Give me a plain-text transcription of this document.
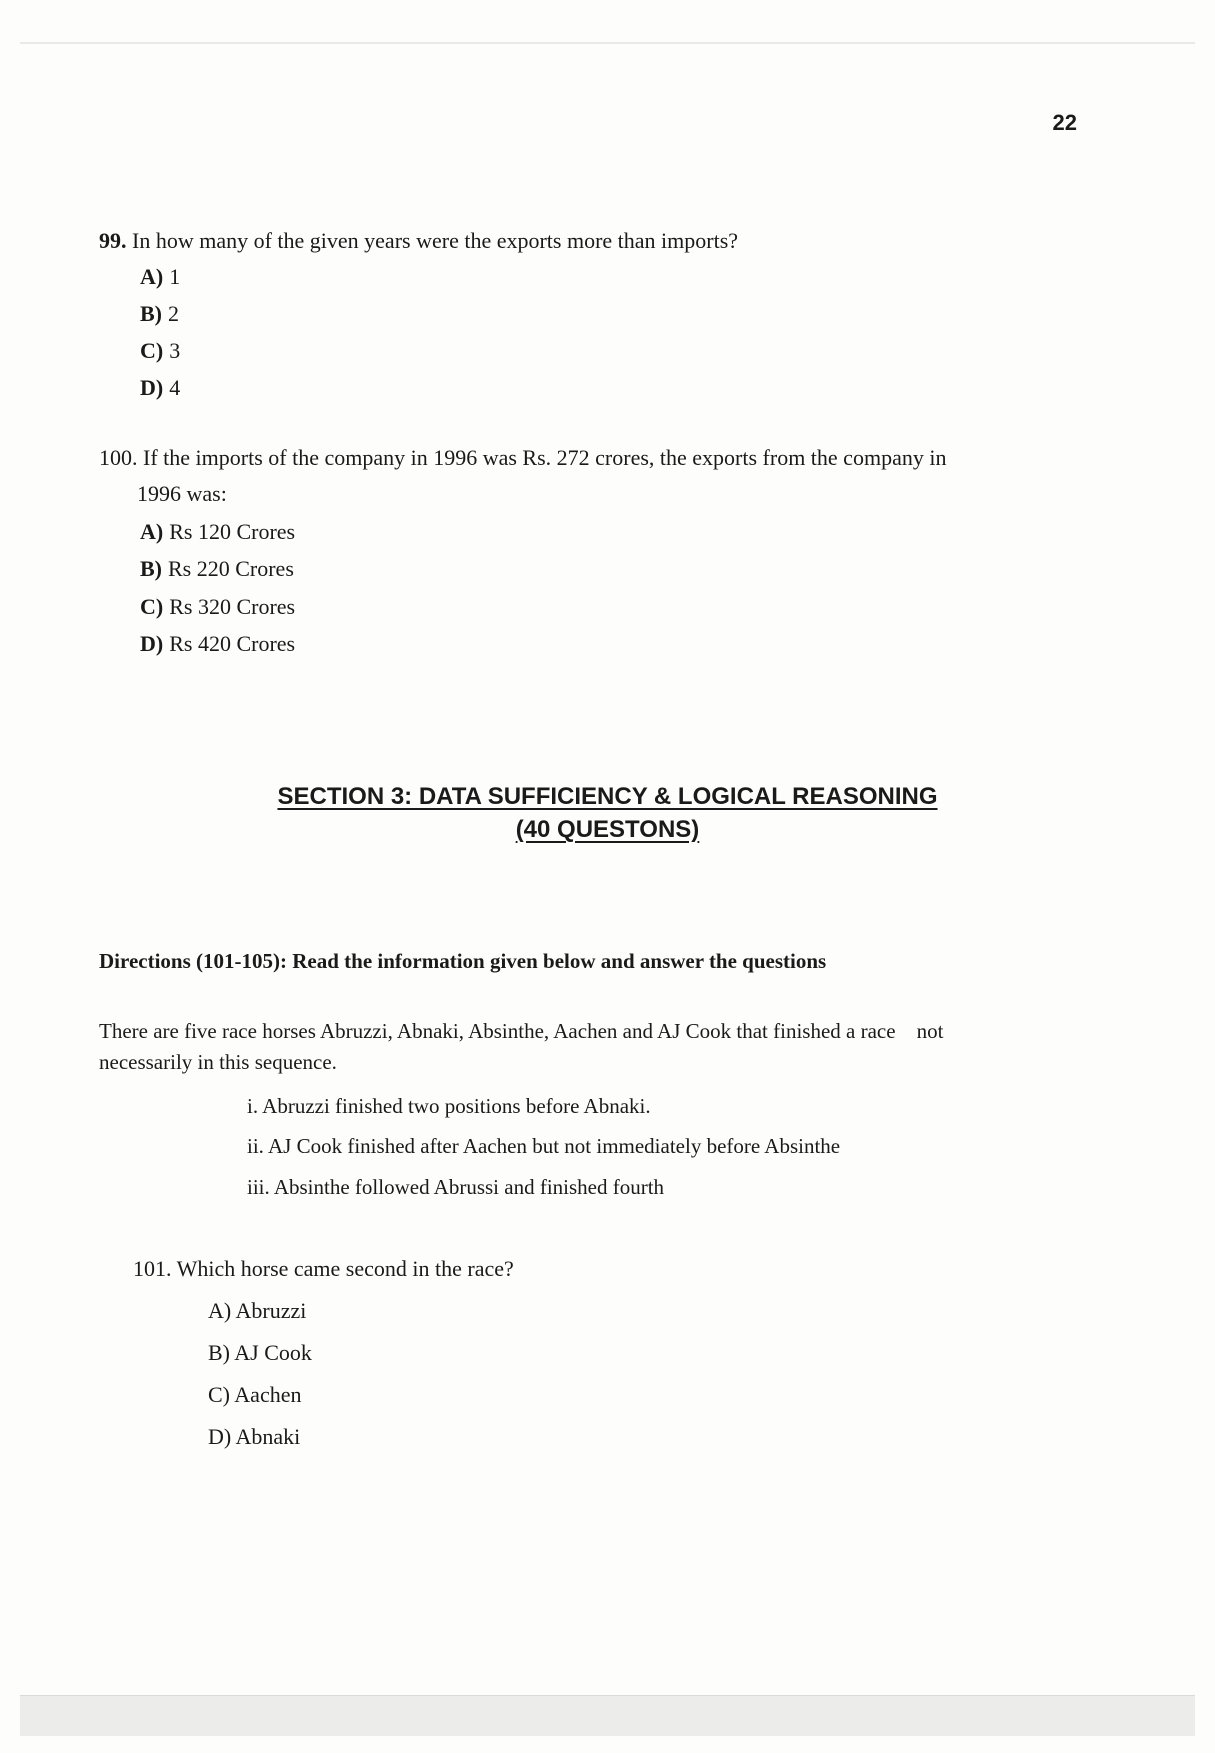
22
99. In how many of the given years were the exports more than imports?
A) 1
B) 2
C) 3
D) 4
100. If the imports of the company in 1996 was Rs. 272 crores, the exports from the company in
1996 was:
A) Rs 120 Crores
B) Rs 220 Crores
C) Rs 320 Crores
D) Rs 420 Crores
SECTION 3: DATA SUFFICIENCY & LOGICAL REASONING
(40 QUESTONS)
Directions (101-105): Read the information given below and answer the questions
There are five race horses Abruzzi, Abnaki, Absinthe, Aachen and AJ Cook that finished a race    not
necessarily in this sequence.
i. Abruzzi finished two positions before Abnaki.
ii. AJ Cook finished after Aachen but not immediately before Absinthe
iii. Absinthe followed Abrussi and finished fourth
101. Which horse came second in the race?
A) Abruzzi
B) AJ Cook
C) Aachen
D) Abnaki
